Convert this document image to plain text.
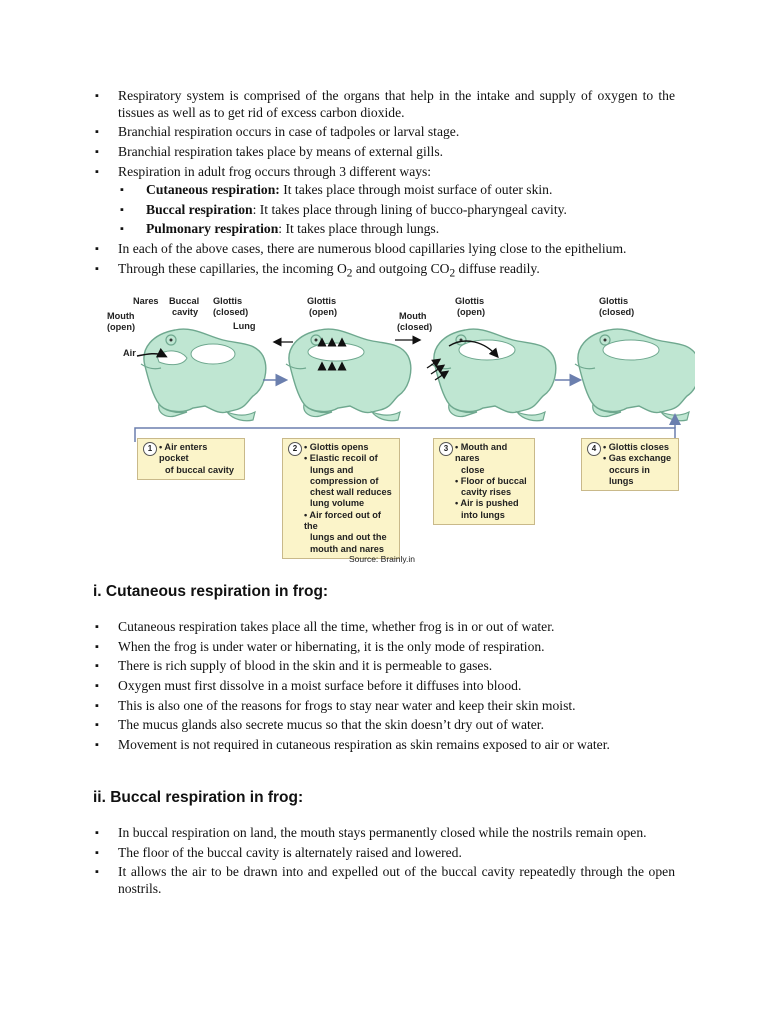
▪ Respiratory system is comprised of the organs that help in the intake and supply of oxygen to the tissues as well as to get rid of excess carbon dioxide.
▪ Branchial respiration occurs in case of tadpoles or larval stage.
▪ Branchial respiration takes place by means of external gills.
▪ Respiration in adult frog occurs through 3 different ways:
▪ Cutaneous respiration: It takes place through moist surface of outer skin.
▪ Buccal respiration: It takes place through lining of bucco-pharyngeal cavity.
▪ Pulmonary respiration: It takes place through lungs.
▪ In each of the above cases, there are numerous blood capillaries lying close to the epithelium.
▪ Through these capillaries, the incoming $O_2$ and outgoing $CO_2$ diffuse readily.
Nares Buccal
cavity
Glottis
(closed)
Mouth
(open)	Lung
Air
Glottis
(open)	Mouth
(closed)
Glottis
(open)
Glottis
(closed)
1 • Air enters pocket
of buccal cavity
2 • Glottis opens
• Elastic recoil of
lungs and
compression of
chest wall reduces
lung volume
• Air forced out of the
lungs and out the
mouth and nares
3 • Mouth and nares
close
• Floor of buccal
cavity rises
• Air is pushed
into lungs
4 • Glottis closes
• Gas exchange
occurs in lungs
Source: Brainly.in
i. Cutaneous respiration in frog:
▪ Cutaneous respiration takes place all the time, whether frog is in or out of water.
▪ When the frog is under water or hibernating, it is the only mode of respiration.
▪ There is rich supply of blood in the skin and it is permeable to gases.
▪ Oxygen must first dissolve in a moist surface before it diffuses into blood.
▪ This is also one of the reasons for frogs to stay near water and keep their skin moist.
▪ The mucus glands also secrete mucus so that the skin doesn’t dry out of water.
▪ Movement is not required in cutaneous respiration as skin remains exposed to air or water.
ii. Buccal respiration in frog:
▪ In buccal respiration on land, the mouth stays permanently closed while the nostrils remain open.
▪ The floor of the buccal cavity is alternately raised and lowered.
▪ It allows the air to be drawn into and expelled out of the buccal cavity repeatedly through the open nostrils.
